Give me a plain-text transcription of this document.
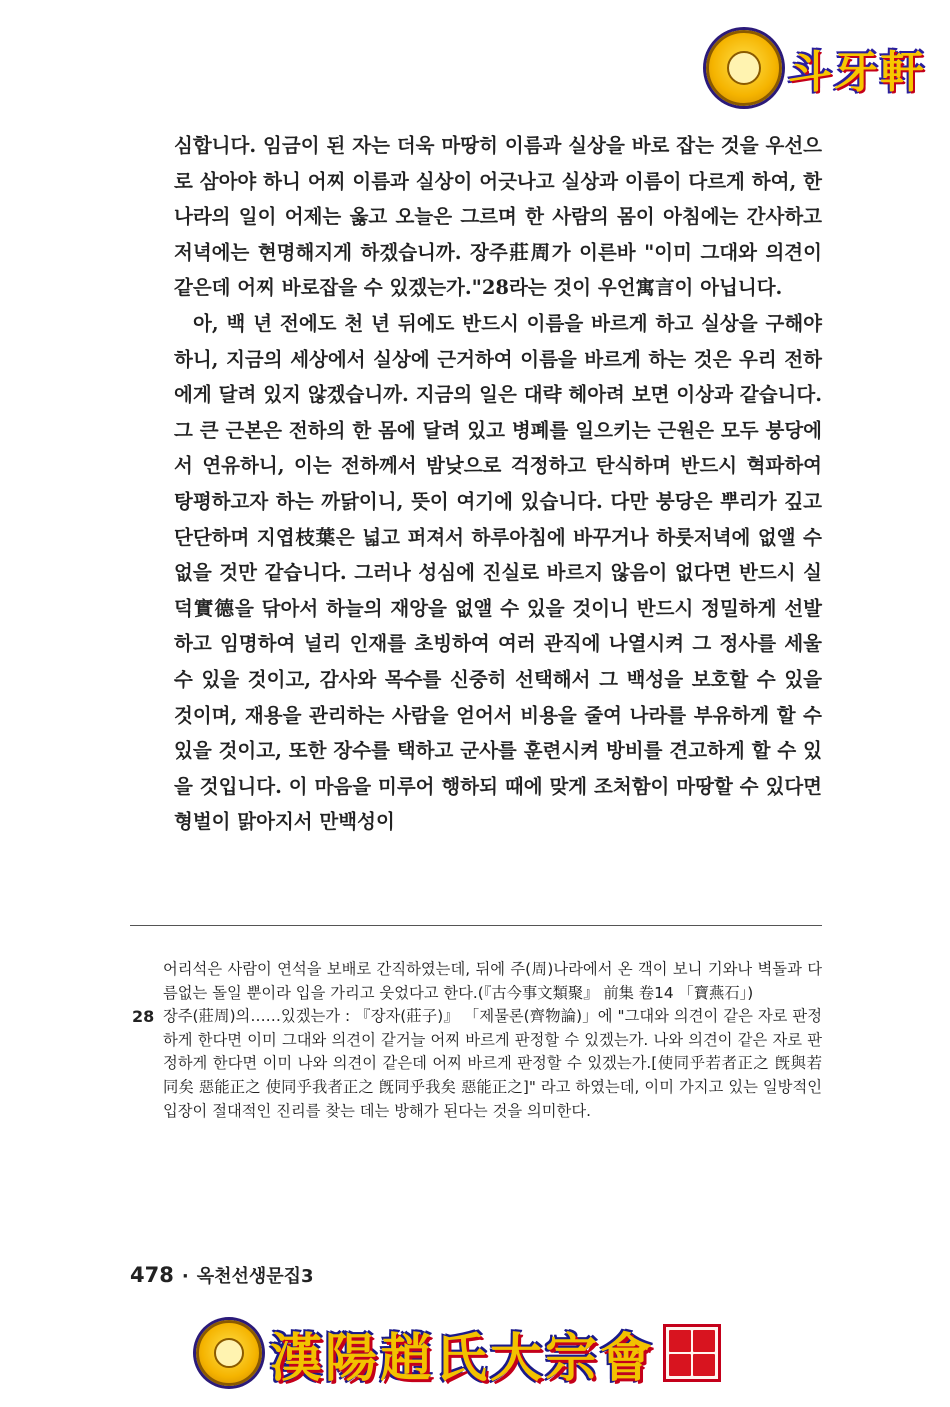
斗牙軒

심합니다. 임금이 된 자는 더욱 마땅히 이름과 실상을 바로 잡는 것을 우선으로 삼아야 하니 어찌 이름과 실상이 어긋나고 실상과 이름이 다르게 하여, 한 나라의 일이 어제는 옳고 오늘은 그르며 한 사람의 몸이 아침에는 간사하고 저녁에는 현명해지게 하겠습니까. 장주莊周가 이른바 "이미 그대와 의견이 같은데 어찌 바로잡을 수 있겠는가."28라는 것이 우언寓言이 아닙니다.

아, 백 년 전에도 천 년 뒤에도 반드시 이름을 바르게 하고 실상을 구해야 하니, 지금의 세상에서 실상에 근거하여 이름을 바르게 하는 것은 우리 전하에게 달려 있지 않겠습니까. 지금의 일은 대략 헤아려 보면 이상과 같습니다. 그 큰 근본은 전하의 한 몸에 달려 있고 병폐를 일으키는 근원은 모두 붕당에서 연유하니, 이는 전하께서 밤낮으로 걱정하고 탄식하며 반드시 혁파하여 탕평하고자 하는 까닭이니, 뜻이 여기에 있습니다. 다만 붕당은 뿌리가 깊고 단단하며 지엽枝葉은 넓고 퍼져서 하루아침에 바꾸거나 하룻저녁에 없앨 수 없을 것만 같습니다. 그러나 성심에 진실로 바르지 않음이 없다면 반드시 실덕實德을 닦아서 하늘의 재앙을 없앨 수 있을 것이니 반드시 정밀하게 선발하고 임명하여 널리 인재를 초빙하여 여러 관직에 나열시켜 그 정사를 세울 수 있을 것이고, 감사와 목수를 신중히 선택해서 그 백성을 보호할 수 있을 것이며, 재용을 관리하는 사람을 얻어서 비용을 줄여 나라를 부유하게 할 수 있을 것이고, 또한 장수를 택하고 군사를 훈련시켜 방비를 견고하게 할 수 있을 것입니다. 이 마음을 미루어 행하되 때에 맞게 조처함이 마땅할 수 있다면 형벌이 맑아지서 만백성이

어리석은 사람이 연석을 보배로 간직하였는데, 뒤에 주(周)나라에서 온 객이 보니 기와나 벽돌과 다름없는 돌일 뿐이라 입을 가리고 웃었다고 한다.(『古今事文類聚』 前集 卷14 「寶燕石」)
28 장주(莊周)의……있겠는가 : 『장자(莊子)』 「제물론(齊物論)」에 "그대와 의견이 같은 자로 판정하게 한다면 이미 그대와 의견이 같거늘 어찌 바르게 판정할 수 있겠는가. 나와 의견이 같은 자로 판정하게 한다면 이미 나와 의견이 같은데 어찌 바르게 판정할 수 있겠는가.[使同乎若者正之 旣與若同矣 惡能正之 使同乎我者正之 旣同乎我矣 惡能正之]" 라고 하였는데, 이미 가지고 있는 일방적인 입장이 절대적인 진리를 찾는 데는 방해가 된다는 것을 의미한다.
478 · 옥천선생문집3
漢陽趙氏大宗會
